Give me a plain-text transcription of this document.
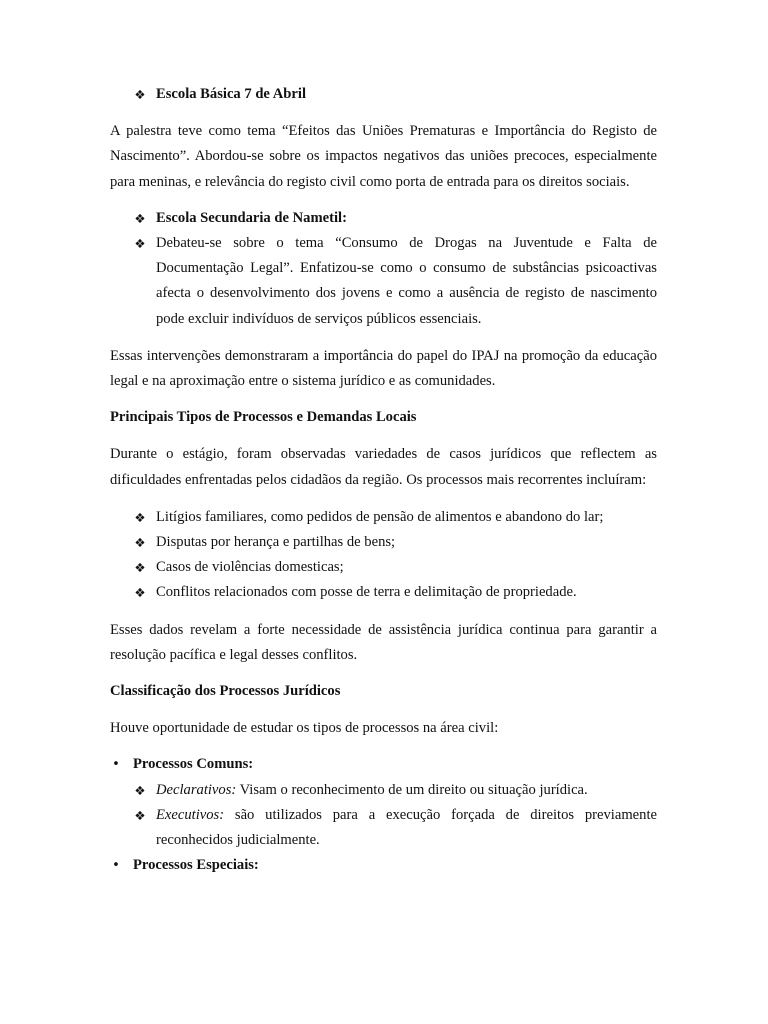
❖ Escola Básica 7 de Abril

A palestra teve como tema “Efeitos das Uniões Prematuras e Importância do Registo de Nascimento”. Abordou-se sobre os impactos negativos das uniões precoces, especialmente para meninas, e relevância do registo civil como porta de entrada para os direitos sociais.

❖ Escola Secundaria de Nametil:
❖ Debateu-se sobre o tema “Consumo de Drogas na Juventude e Falta de Documentação Legal”. Enfatizou-se como o consumo de substâncias psicoactivas afecta o desenvolvimento dos jovens e como a ausência de registo de nascimento pode excluir indivíduos de serviços públicos essenciais.

Essas intervenções demonstraram a importância do papel do IPAJ na promoção da educação legal e na aproximação entre o sistema jurídico e as comunidades.

Principais Tipos de Processos e Demandas Locais

Durante o estágio, foram observadas variedades de casos jurídicos que reflectem as dificuldades enfrentadas pelos cidadãos da região. Os processos mais recorrentes incluíram:

❖ Litígios familiares, como pedidos de pensão de alimentos e abandono do lar;
❖ Disputas por herança e partilhas de bens;
❖ Casos de violências domesticas;
❖ Conflitos relacionados com posse de terra e delimitação de propriedade.

Esses dados revelam a forte necessidade de assistência jurídica continua para garantir a resolução pacífica e legal desses conflitos.

Classificação dos Processos Jurídicos

Houve oportunidade de estudar os tipos de processos na área civil:

• Processos Comuns:
❖ Declarativos: Visam o reconhecimento de um direito ou situação jurídica.
❖ Executivos: são utilizados para a execução forçada de direitos previamente reconhecidos judicialmente.
• Processos Especiais:
